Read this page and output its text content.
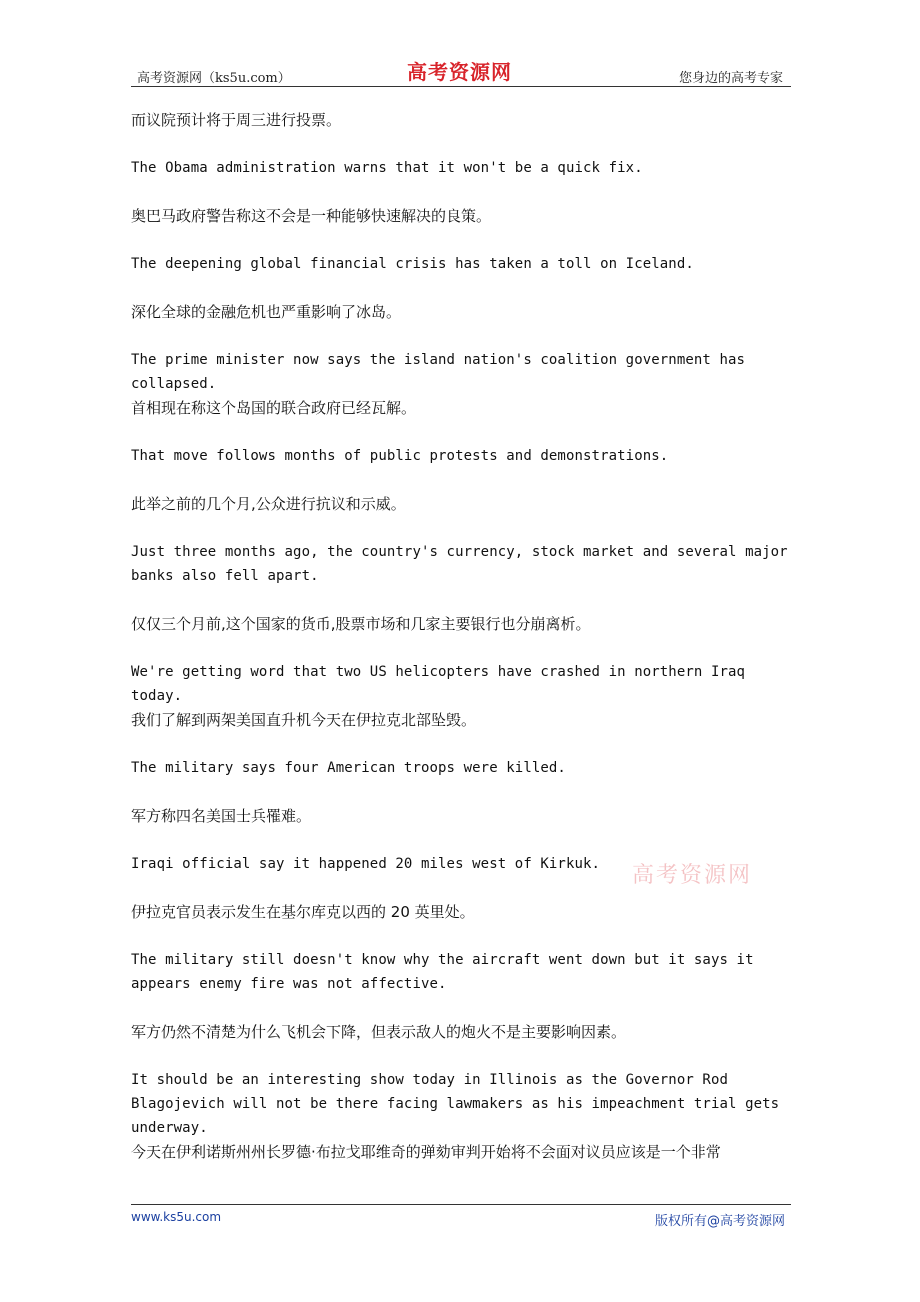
高考资源网（ks5u.com）	高考资源网	您身边的高考专家

而议院预计将于周三进行投票。

The Obama administration warns that it won't be a quick fix.

奥巴马政府警告称这不会是一种能够快速解决的良策。

The deepening global financial crisis has taken a toll on Iceland.

深化全球的金融危机也严重影响了冰岛。

The prime minister now says the island nation's coalition government has collapsed.

首相现在称这个岛国的联合政府已经瓦解。

That move follows months of public protests and demonstrations.

此举之前的几个月,公众进行抗议和示威。

Just three months ago, the country's currency, stock market and several major banks also fell apart.

仅仅三个月前,这个国家的货币,股票市场和几家主要银行也分崩离析。

We're getting word that two US helicopters have crashed in northern Iraq today.

我们了解到两架美国直升机今天在伊拉克北部坠毁。

The military says four American troops were killed.

军方称四名美国士兵罹难。

Iraqi official say it happened 20 miles west of Kirkuk.

伊拉克官员表示发生在基尔库克以西的 20 英里处。

The military still doesn't know why the aircraft went down but it says it appears enemy fire was not affective.

军方仍然不清楚为什么飞机会下降，但表示敌人的炮火不是主要影响因素。

It should be an interesting show today in Illinois as the Governor Rod Blagojevich will not be there facing lawmakers as his impeachment trial gets underway.

今天在伊利诺斯州州长罗德·布拉戈耶维奇的弹劾审判开始将不会面对议员应该是一个非常

高考资源网
www.ks5u.com	版权所有@高考资源网
